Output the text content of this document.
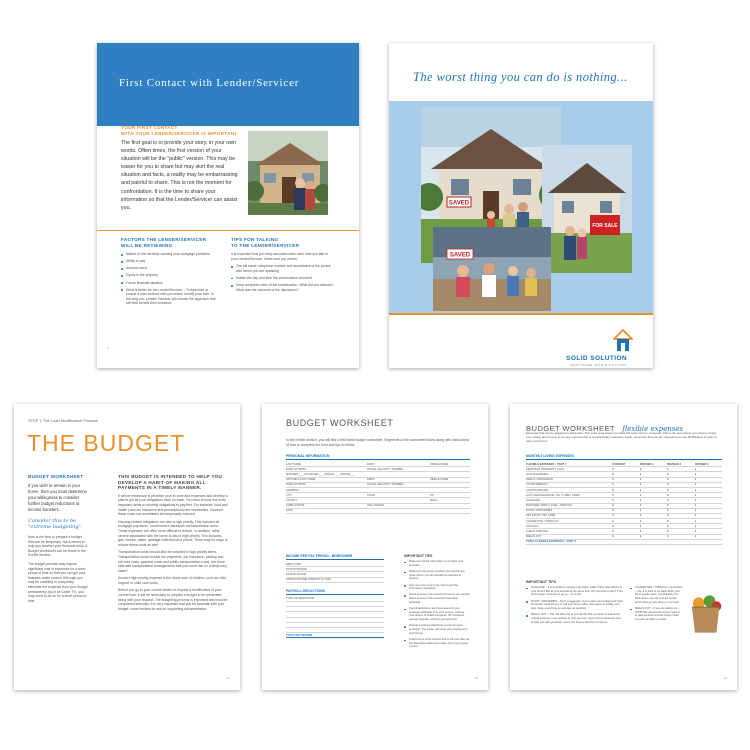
First Contact with Lender/Servicer
YOUR FIRST CONTACT
WITH YOUR LENDER/SERVICER IS IMPORTANT
The first goal is to provide your story, in your own words. Often times, the first version of your situation will be the "public" version. This may be easier for you to share but may skirt the real situation and facts, a reality may be embarrassing and painful to share. This is not the moment for confrontation. It is the time to share your information so that the Lender/Servicer can assist you.
FACTORS THE LENDER/SERVICER
WILL BE REVIEWING
Nature of the hardship causing your mortgage problems
Ability to pay
Amount owed
Equity in the property
Future financial situation
What is better for the Lender/Servicer – To foreclose or pursue a loan workout with you and/or modify your loan. In the long run, Lender/ Servicer will choose the approach that will best benefit their investors.
TIPS FOR TALKING
TO THE LENDER/SERVICER
It is important that you keep accurate notes each time you talk to your Lender/Servicer. Make sure you obtain:
The full name, telephone number and department of the person with whom you are speaking
Notate the day and time the conversation occurred
Keep complete notes of the conversation. What did you discuss? What was the outcome of the discussion?
4
The worst thing you can do is nothing...
SAVED
FOR SALE
SAVED
SOLID SOLUTION
MORTGAGE MODIFICATIONS
STEP 1 The Loan Modification Process
THE BUDGET
BUDGET WORKSHEET
If you wish to remain in your home, then you must determine your willingness to consider further budget reductions or income boosters.
Consider this to be "extreme budgeting".
Now is the time to prepare a budget that can be temporary, but is meant to help you weather your financial crisis. A Budget Worksheet can be found in the Exhibit Section.
The budget process may require significant cuts in expenses for a short period of time so that you can get your finances under control. Although you may be unwilling to completely eliminate the expense from your budget permanently (such as Cable TV), you may need to do so for a short period of time.
THIS BUDGET IS INTENDED TO HELP YOU DEVELOP A HABIT OF MAKING ALL PAYMENTS IN A TIMELY MANNER.
It will be necessary to prioritize your income and expenses and develop a plan to get all your obligations back on track. You must choose the most important debts or monthly obligations to pay first. For instance, food and health (such as insurance and prescriptions) are necessities. However these costs can sometimes be temporarily reduced.
Housing related obligations are also a high priority. This includes all mortgage payments, homeowners insurance and association dues. These expenses are often more difficult to reduce. In addition, utility service associated with the home is also a high priority. This includes, gas, electric, water, garbage collection and phone. There may be ways to reduce these costs as well.
Transportation costs should also be included in high priority items. Transportation costs include car payments, car insurance, parking and toll road costs, gasoline costs and public transportation costs. Are there alternate transportation arrangements that you could use on a temporary basis?
Another high priority expense is the direct care of children, such as child support or child care costs.
Before you go to your current lender to request a modification of your current loan, it will be necessary to prepare a budget to be presented along with your request. The budgeting process is important and must be considered seriously. It is very important that you be accurate with your budget, some lenders do ask for supporting documentation.
10
BUDGET WORKSHEET
In the exhibit section, you will find a first blank budget worksheet. Segments of the worksheet follow along with instructions of how to complete the form and tips to follow:
PERSONAL INFORMATION
LAST NAME	FIRST	MIDDLE NAME
DATE OF BIRTH	SOCIAL SECURITY NUMBER
MARRIED ___ DIVORCED ___ SINGLE ___ WIDOW___
SPOUSE'S LAST NAME	FIRST	MIDDLE NAME
DATE OF BIRTH	SOCIAL SECURITY NUMBER
ADDRESS
CITY	STATE	ZIP
COUNTY	EMAIL
HOME PHONE	CELL PHONE
FAX#
INCOME PER PAY PERIOD - BORROWER
EMPLOYER
POSITION/RANK
OFFICE PHONE
GROSS INCOME (ONE PAY CYCLE)
PAYROLL DEDUCTIONS
TYPE OF DEDUCTION
TOTAL NET INCOME
IMPORTANT TIPS
Make sure all the information is complete and accurate.
Make sure the phone numbers you provide are those where you can actually be reached at anytime.
Use your most recent pay stub to pull the information requested.
Gross Income is the amount of income you earned before taxes or other amounts have been deducted.
Payroll deductions are those amounts your employer withholds from your income, such as your portion of health insurance, life insurance, savings deposits, and any garnishments.
Provide a working telephone number for your employer. The lender will verify your employment and income.
Total Income is the amount that is left over after all the deductions have been taken out of your gross income.
19
BUDGET WORKSHEET flexible expenses
Expenses that can be adjusted or eliminated. This is the area where you have the most room to maneuver. This is the area where you want to review very closely and remove or cut any expense that is not absolutely necessary. Again, remember that you are requesting a Loan Modification in order to save your home!
MONTHLY LIVING EXPENSES
FLEXIBLE EXPENSES – PART 1	CURRENT	REVISED 1	REVISED 2	REVISED 3
PERSONAL PROPERTY LOAN	$	$	$	$
LIFE INSURANCE	$	$	$	$
HEALTH INSURANCE	$	$	$	$
CO-PAY/DEDUCT	$	$	$	$
CAR INSURANCE	$	$	$	$
AUTO MAINTENANCE / OIL / LUBE / TIRES	$	$	$	$
GASOLINE	$	$	$	$
BUS FARE / RENT / FUEL / PARKING	$	$	$	$
FOOD / GROCERIES	$	$	$	$
PET FOOD / PET CARE	$	$	$	$
CIGARETTES / TOBACCO	$	$	$	$
ALCOHOL	$	$	$	$
CHECK WRITING	$	$	$	$
MEALS OUT	$	$	$	$
TOTAL FLEXIBLE EXPENSES – PART 1
IMPORTANT TIPS
GASOLINE – It is possible to carpool, ride share, walk? Other alternatives to your hours? But all your errands at the same time. Do you have a plan? If the price of gas continues to go up – be smart.
FOOD / GROCERIES – Don't exaggerate. If you make your budget look 'bad', the lender could tell you to sell your home rather than agree to modify your loan. Keep everything as accurate as possible.
MEALS OUT – This will take part of your family. But you need to look at the overall expense in the number of pets you own. If you rely on someone else to help you with groceries, now is the time to ask them to step in.
CIGARETTES / TOBACCO / ALCOHOL – Yes, it is hard to cut back when your life is upside down, but definitely cut back where you can! Let the lender know what you are doing to cut back.
MEALS OUT – If you are eating out – STOP! Be resourceful. All you need is to pack lunches and eat home meals out and cut back on meals.
21
